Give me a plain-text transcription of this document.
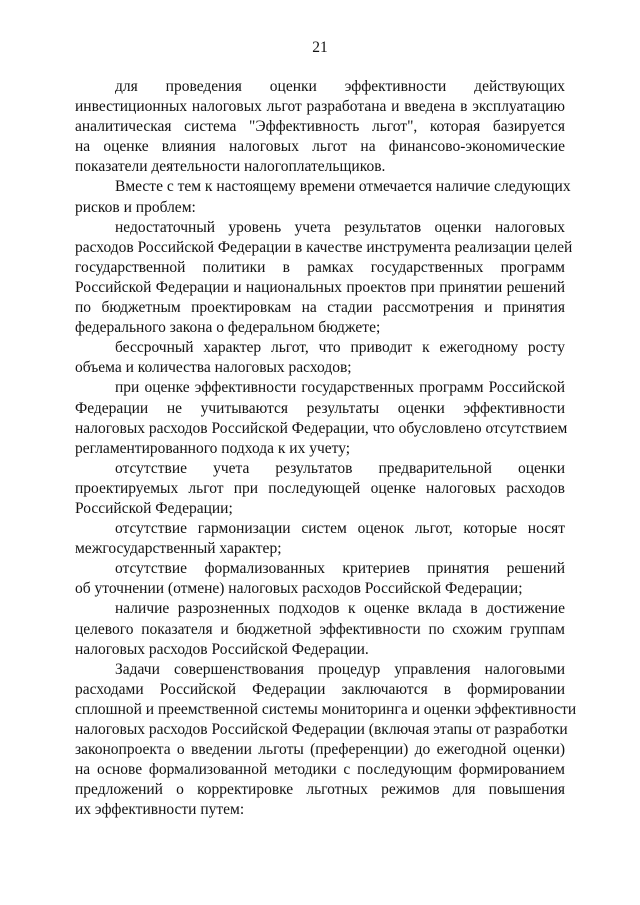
21
для проведения оценки эффективности действующих
инвестиционных налоговых льгот разработана и введена в эксплуатацию
аналитическая система "Эффективность льгот", которая базируется
на оценке влияния налоговых льгот на финансово-экономические
показатели деятельности налогоплательщиков.
Вместе с тем к настоящему времени отмечается наличие следующих
рисков и проблем:
недостаточный уровень учета результатов оценки налоговых
расходов Российской Федерации в качестве инструмента реализации целей
государственной политики в рамках государственных программ
Российской Федерации и национальных проектов при принятии решений
по бюджетным проектировкам на стадии рассмотрения и принятия
федерального закона о федеральном бюджете;
бессрочный характер льгот, что приводит к ежегодному росту
объема и количества налоговых расходов;
при оценке эффективности государственных программ Российской
Федерации не учитываются результаты оценки эффективности
налоговых расходов Российской Федерации, что обусловлено отсутствием
регламентированного подхода к их учету;
отсутствие учета результатов предварительной оценки
проектируемых льгот при последующей оценке налоговых расходов
Российской Федерации;
отсутствие гармонизации систем оценок льгот, которые носят
межгосударственный характер;
отсутствие формализованных критериев принятия решений
об уточнении (отмене) налоговых расходов Российской Федерации;
наличие разрозненных подходов к оценке вклада в достижение
целевого показателя и бюджетной эффективности по схожим группам
налоговых расходов Российской Федерации.
Задачи совершенствования процедур управления налоговыми
расходами Российской Федерации заключаются в формировании
сплошной и преемственной системы мониторинга и оценки эффективности
налоговых расходов Российской Федерации (включая этапы от разработки
законопроекта о введении льготы (преференции) до ежегодной оценки)
на основе формализованной методики с последующим формированием
предложений о корректировке льготных режимов для повышения
их эффективности путем:
